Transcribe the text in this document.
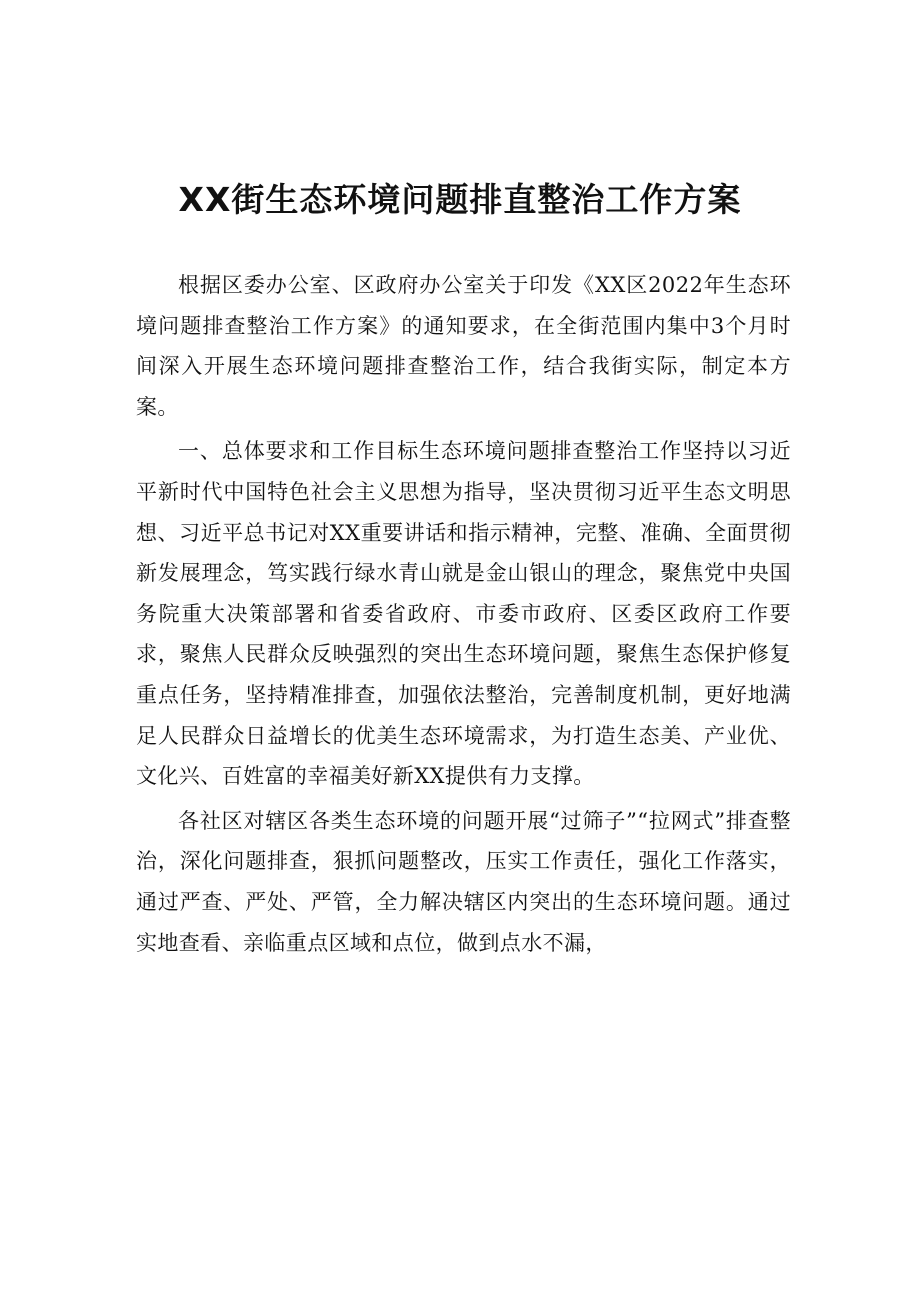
XX街生态环境问题排直整治工作方案

根据区委办公室、区政府办公室关于印发《XX区2022年生态环境问题排查整治工作方案》的通知要求，在全街范围内集中3个月时间深入开展生态环境问题排查整治工作，结合我街实际，制定本方案。

一、总体要求和工作目标生态环境问题排查整治工作坚持以习近平新时代中国特色社会主义思想为指导，坚决贯彻习近平生态文明思想、习近平总书记对XX重要讲话和指示精神，完整、准确、全面贯彻新发展理念，笃实践行绿水青山就是金山银山的理念，聚焦党中央国务院重大决策部署和省委省政府、市委市政府、区委区政府工作要求，聚焦人民群众反映强烈的突出生态环境问题，聚焦生态保护修复重点任务，坚持精准排查，加强依法整治，完善制度机制，更好地满足人民群众日益增长的优美生态环境需求，为打造生态美、产业优、文化兴、百姓富的幸福美好新XX提供有力支撑。

各社区对辖区各类生态环境的问题开展“过筛子”“拉网式”排查整治，深化问题排查，狠抓问题整改，压实工作责任，强化工作落实，通过严查、严处、严管，全力解决辖区内突出的生态环境问题。通过实地查看、亲临重点区域和点位，做到点水不漏，
